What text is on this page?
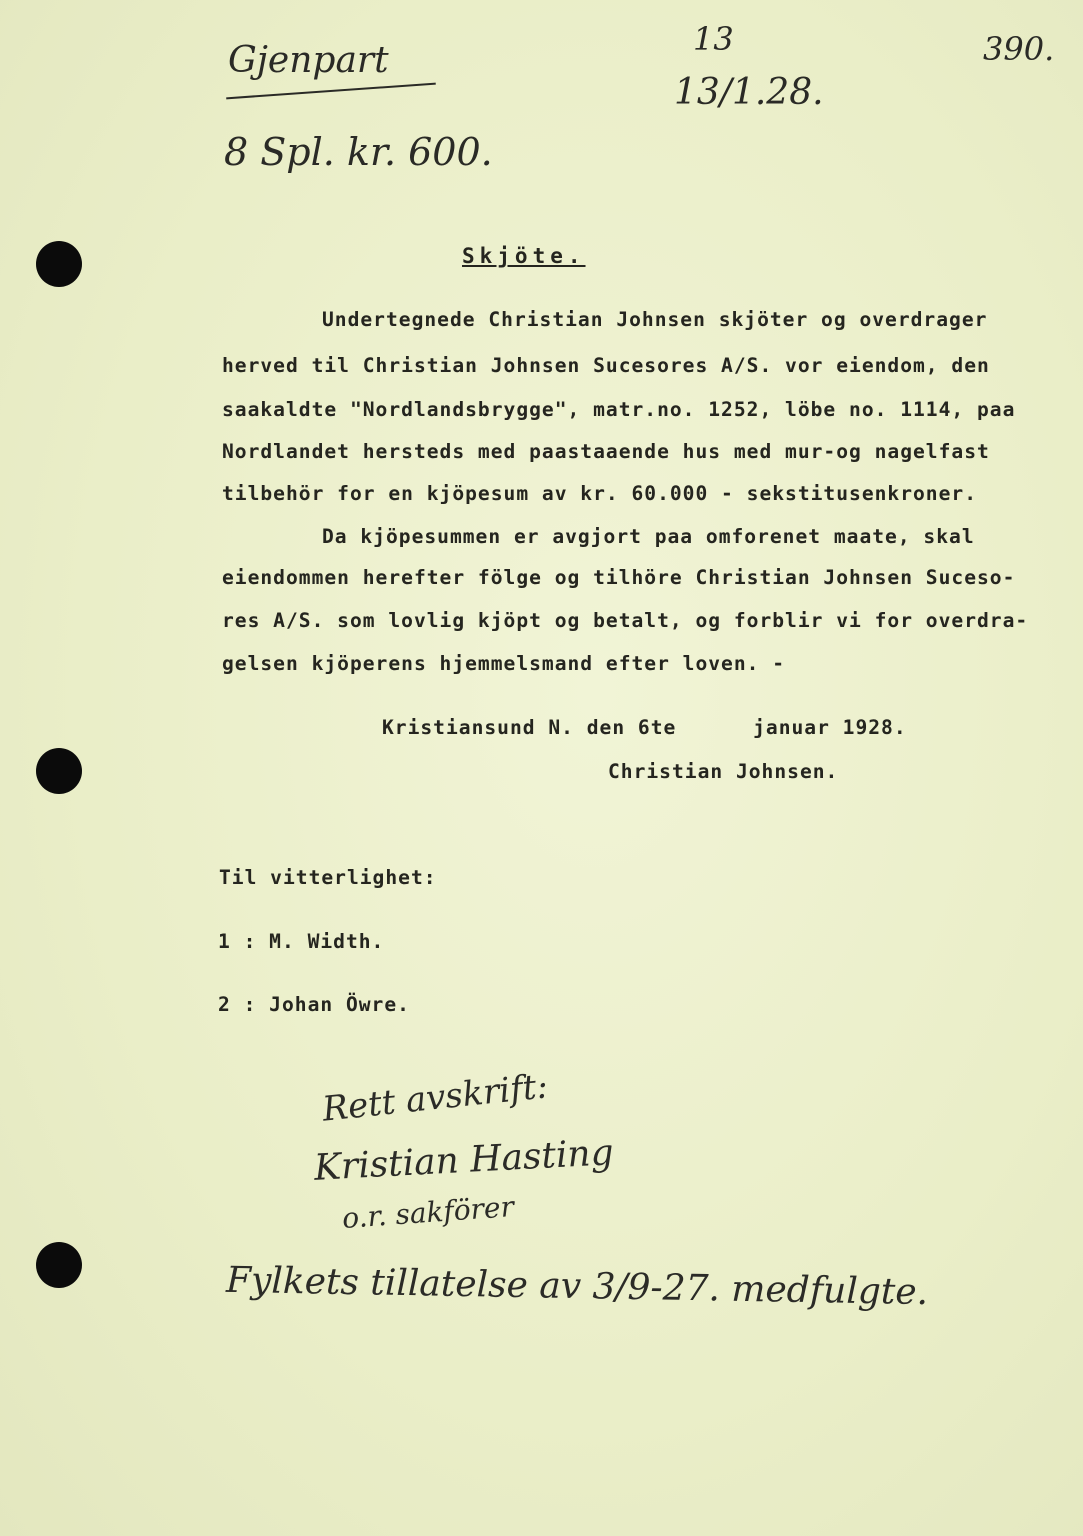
Gjenpart
8 Spl. kr. 600.
13
13/1.28.
390.
Skjöte.
Undertegnede Christian Johnsen skjöter og overdrager
herved til Christian Johnsen Sucesores A/S. vor eiendom, den
saakaldte "Nordlandsbrygge", matr.no. 1252, löbe no. 1114, paa
Nordlandet hersteds med paastaaende hus med mur-og nagelfast
tilbehör for en kjöpesum av kr. 60.000 - sekstitusenkroner.
Da kjöpesummen er avgjort paa omforenet maate, skal
eiendommen herefter fölge og tilhöre Christian Johnsen Suceso-
res A/S. som lovlig kjöpt og betalt, og forblir vi for overdra-
gelsen kjöperens hjemmelsmand efter loven. -
Kristiansund N. den 6te      januar 1928.
Christian Johnsen.
Til vitterlighet:
1 : M. Width.
2 : Johan Öwre.
Rett avskrift:
Kristian Hasting
o.r. sakförer
Fylkets tillatelse av 3/9-27. medfulgte.
